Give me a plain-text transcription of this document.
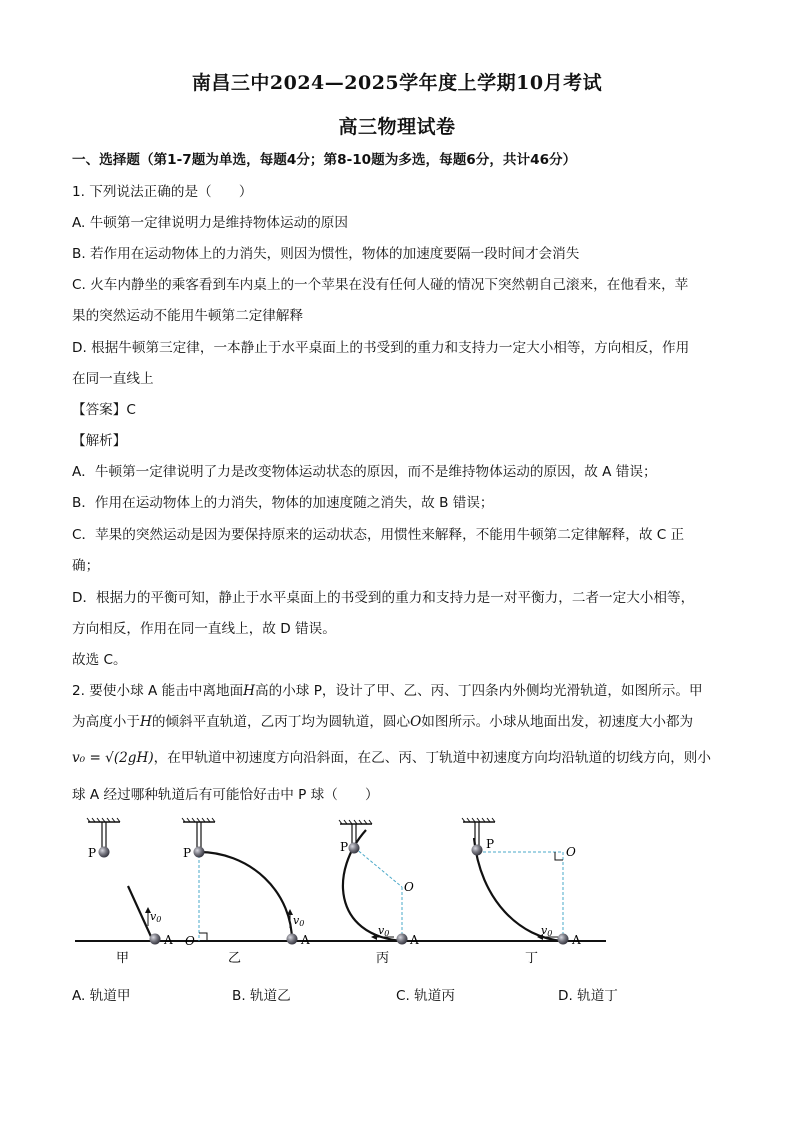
南昌三中2024—2025学年度上学期10月考试
高三物理试卷
一、选择题（第1-7题为单选，每题4分；第8-10题为多选，每题6分，共计46分）
1. 下列说法正确的是（　　）
A. 牛顿第一定律说明力是维持物体运动的原因
B. 若作用在运动物体上的力消失，则因为惯性，物体的加速度要隔一段时间才会消失
C. 火车内静坐的乘客看到车内桌上的一个苹果在没有任何人碰的情况下突然朝自己滚来，在他看来，苹
果的突然运动不能用牛顿第二定律解释
D. 根据牛顿第三定律，一本静止于水平桌面上的书受到的重力和支持力一定大小相等，方向相反，作用
在同一直线上
【答案】C
【解析】
A．牛顿第一定律说明了力是改变物体运动状态的原因，而不是维持物体运动的原因，故 A 错误；
B．作用在运动物体上的力消失，物体的加速度随之消失，故 B 错误；
C．苹果的突然运动是因为要保持原来的运动状态，用惯性来解释，不能用牛顿第二定律解释，故 C 正
确；
D．根据力的平衡可知，静止于水平桌面上的书受到的重力和支持力是一对平衡力，二者一定大小相等，
方向相反，作用在同一直线上，故 D 错误。
故选 C。
2. 要使小球 A 能击中离地面H高的小球 P，设计了甲、乙、丙、丁四条内外侧均光滑轨道，如图所示。甲
为高度小于H的倾斜平直轨道，乙丙丁均为圆轨道，圆心O如图所示。小球从地面出发，初速度大小都为
v₀ = √(2gH)，在甲轨道中初速度方向沿斜面，在乙、丙、丁轨道中初速度方向均沿轨道的切线方向，则小
球 A 经过哪种轨道后有可能恰好击中 P 球（　　）
P
v0
A
甲
P
O
v0
A
乙
P
O
v0 A
丙
P
O
v0 A
丁
A. 轨道甲	B. 轨道乙	C. 轨道丙	D. 轨道丁
